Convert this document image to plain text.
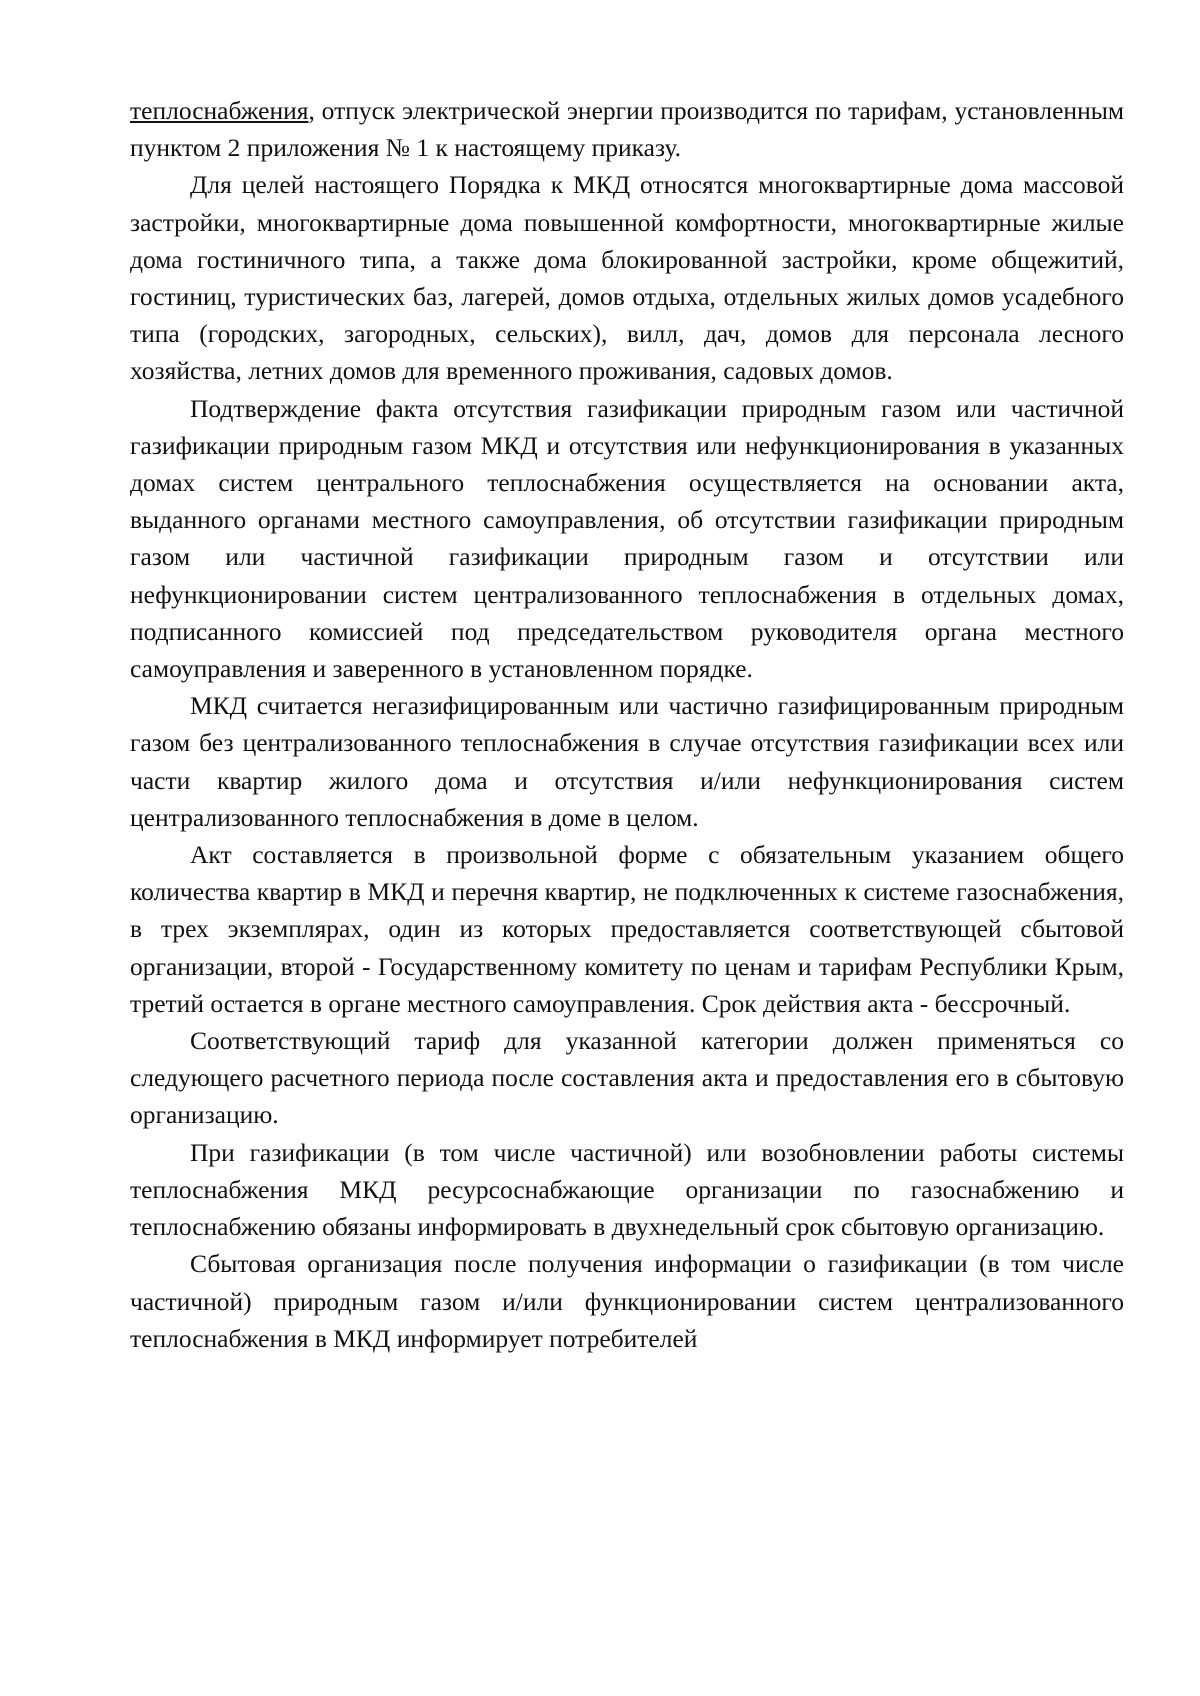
теплоснабжения, отпуск электрической энергии производится по тарифам, установленным пунктом 2 приложения № 1 к настоящему приказу.

Для целей настоящего Порядка к МКД относятся многоквартирные дома массовой застройки, многоквартирные дома повышенной комфортности, многоквартирные жилые дома гостиничного типа, а также дома блокированной застройки, кроме общежитий, гостиниц, туристических баз, лагерей, домов отдыха, отдельных жилых домов усадебного типа (городских, загородных, сельских), вилл, дач, домов для персонала лесного хозяйства, летних домов для временного проживания, садовых домов.

Подтверждение факта отсутствия газификации природным газом или частичной газификации природным газом МКД и отсутствия или нефункционирования в указанных домах систем центрального теплоснабжения осуществляется на основании акта, выданного органами местного самоуправления, об отсутствии газификации природным газом или частичной газификации природным газом и отсутствии или нефункционировании систем централизованного теплоснабжения в отдельных домах, подписанного комиссией под председательством руководителя органа местного самоуправления и заверенного в установленном порядке.

МКД считается негазифицированным или частично газифицированным природным газом без централизованного теплоснабжения в случае отсутствия газификации всех или части квартир жилого дома и отсутствия и/или нефункционирования систем централизованного теплоснабжения в доме в целом.

Акт составляется в произвольной форме с обязательным указанием общего количества квартир в МКД и перечня квартир, не подключенных к системе газоснабжения, в трех экземплярах, один из которых предоставляется соответствующей сбытовой организации, второй - Государственному комитету по ценам и тарифам Республики Крым, третий остается в органе местного самоуправления. Срок действия акта - бессрочный.

Соответствующий тариф для указанной категории должен применяться со следующего расчетного периода после составления акта и предоставления его в сбытовую организацию.

При газификации (в том числе частичной) или возобновлении работы системы теплоснабжения МКД ресурсоснабжающие организации по газоснабжению и теплоснабжению обязаны информировать в двухнедельный срок сбытовую организацию.

Сбытовая организация после получения информации о газификации (в том числе частичной) природным газом и/или функционировании систем централизованного теплоснабжения в МКД информирует потребителей
